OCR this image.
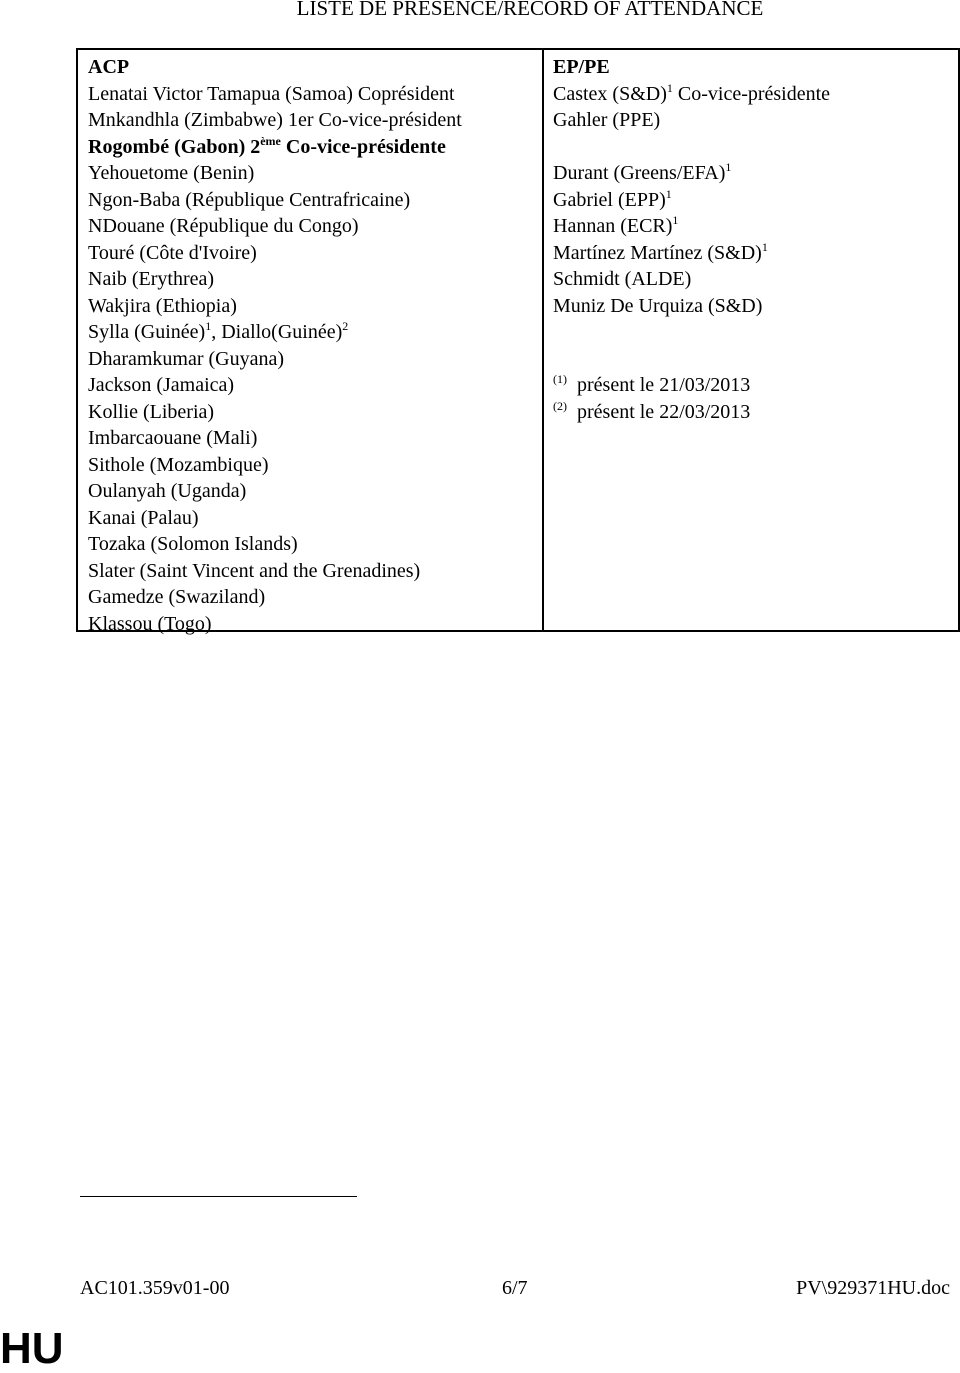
LISTE DE PRESENCE/RECORD OF ATTENDANCE
ACP
Lenatai Victor Tamapua (Samoa) Coprésident
Mnkandhla (Zimbabwe) 1er Co-vice-président
Rogombé (Gabon) 2ème Co-vice-présidente
Yehouetome (Benin)
Ngon-Baba (République Centrafricaine)
NDouane (République du Congo)
Touré (Côte d'Ivoire)
Naib (Erythrea)
Wakjira (Ethiopia)
Sylla (Guinée)$^1$, Diallo(Guinée)$^2$
Dharamkumar (Guyana)
Jackson (Jamaica)
Kollie (Liberia)
Imbarcaouane (Mali)
Sithole (Mozambique)
Oulanyah (Uganda)
Kanai (Palau)
Tozaka (Solomon Islands)
Slater (Saint Vincent and the Grenadines)
Gamedze (Swaziland)
Klassou (Togo)
EP/PE
Castex (S&D)$^1$ Co-vice-présidente
Gahler (PPE)
Durant (Greens/EFA)$^1$
Gabriel (EPP)$^1$
Hannan (ECR)$^1$
Martínez Martínez (S&D)$^1$
Schmidt (ALDE)
Muniz De Urquiza (S&D)
$^{(1)}$ présent le 21/03/2013
$^{(2)}$ présent le 22/03/2013
AC101.359v01-00	6/7	PV\929371HU.doc
HU
